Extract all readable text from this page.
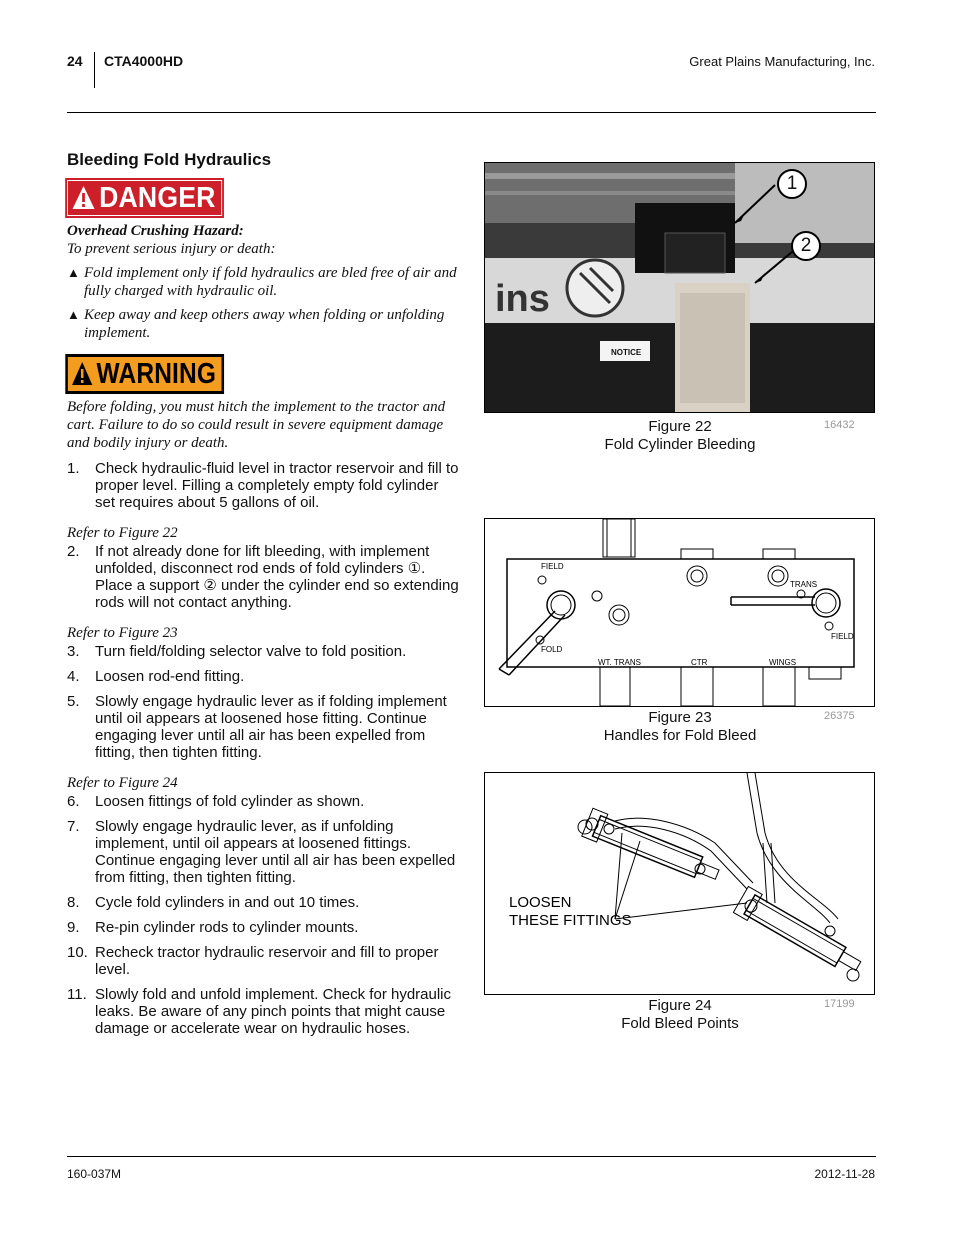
24 CTA4000HD	Great Plains Manufacturing, Inc.
Bleeding Fold Hydraulics
DANGER
Overhead Crushing Hazard:
To prevent serious injury or death:
▲ Fold implement only if fold hydraulics are bled free of air and fully charged with hydraulic oil.
▲ Keep away and keep others away when folding or unfolding implement.
WARNING
Before folding, you must hitch the implement to the tractor and cart. Failure to do so could result in severe equipment damage and bodily injury or death.
1. Check hydraulic-fluid level in tractor reservoir and fill to proper level. Filling a completely empty fold cylinder set requires about 5 gallons of oil.
Refer to Figure 22
2. If not already done for lift bleeding, with implement unfolded, disconnect rod ends of fold cylinders ①. Place a support ② under the cylinder end so extending rods will not contact anything.
Refer to Figure 23
3. Turn field/folding selector valve to fold position.
4. Loosen rod-end fitting.
5. Slowly engage hydraulic lever as if folding implement until oil appears at loosened hose fitting. Continue engaging lever until all air has been expelled from fitting, then tighten fitting.
Refer to Figure 24
6. Loosen fittings of fold cylinder as shown.
7. Slowly engage hydraulic lever, as if unfolding implement, until oil appears at loosened fittings. Continue engaging lever until all air has been expelled from fitting, then tighten fitting.
8. Cycle fold cylinders in and out 10 times.
9. Re-pin cylinder rods to cylinder mounts.
10. Recheck tractor hydraulic reservoir and fill to proper level.
11. Slowly fold and unfold implement. Check for hydraulic leaks. Be aware of any pinch points that might cause damage or accelerate wear on hydraulic hoses.
NOTICE
ins
1
2
Figure 22
Fold Cylinder Bleeding
16432
FIELD
FOLD
TRANS
FIELD
WT. TRANS	CTR	WINGS
Figure 23
Handles for Fold Bleed
26375
LOOSEN
THESE FITTINGS
Figure 24
Fold Bleed Points
17199
160-037M	2012-11-28
